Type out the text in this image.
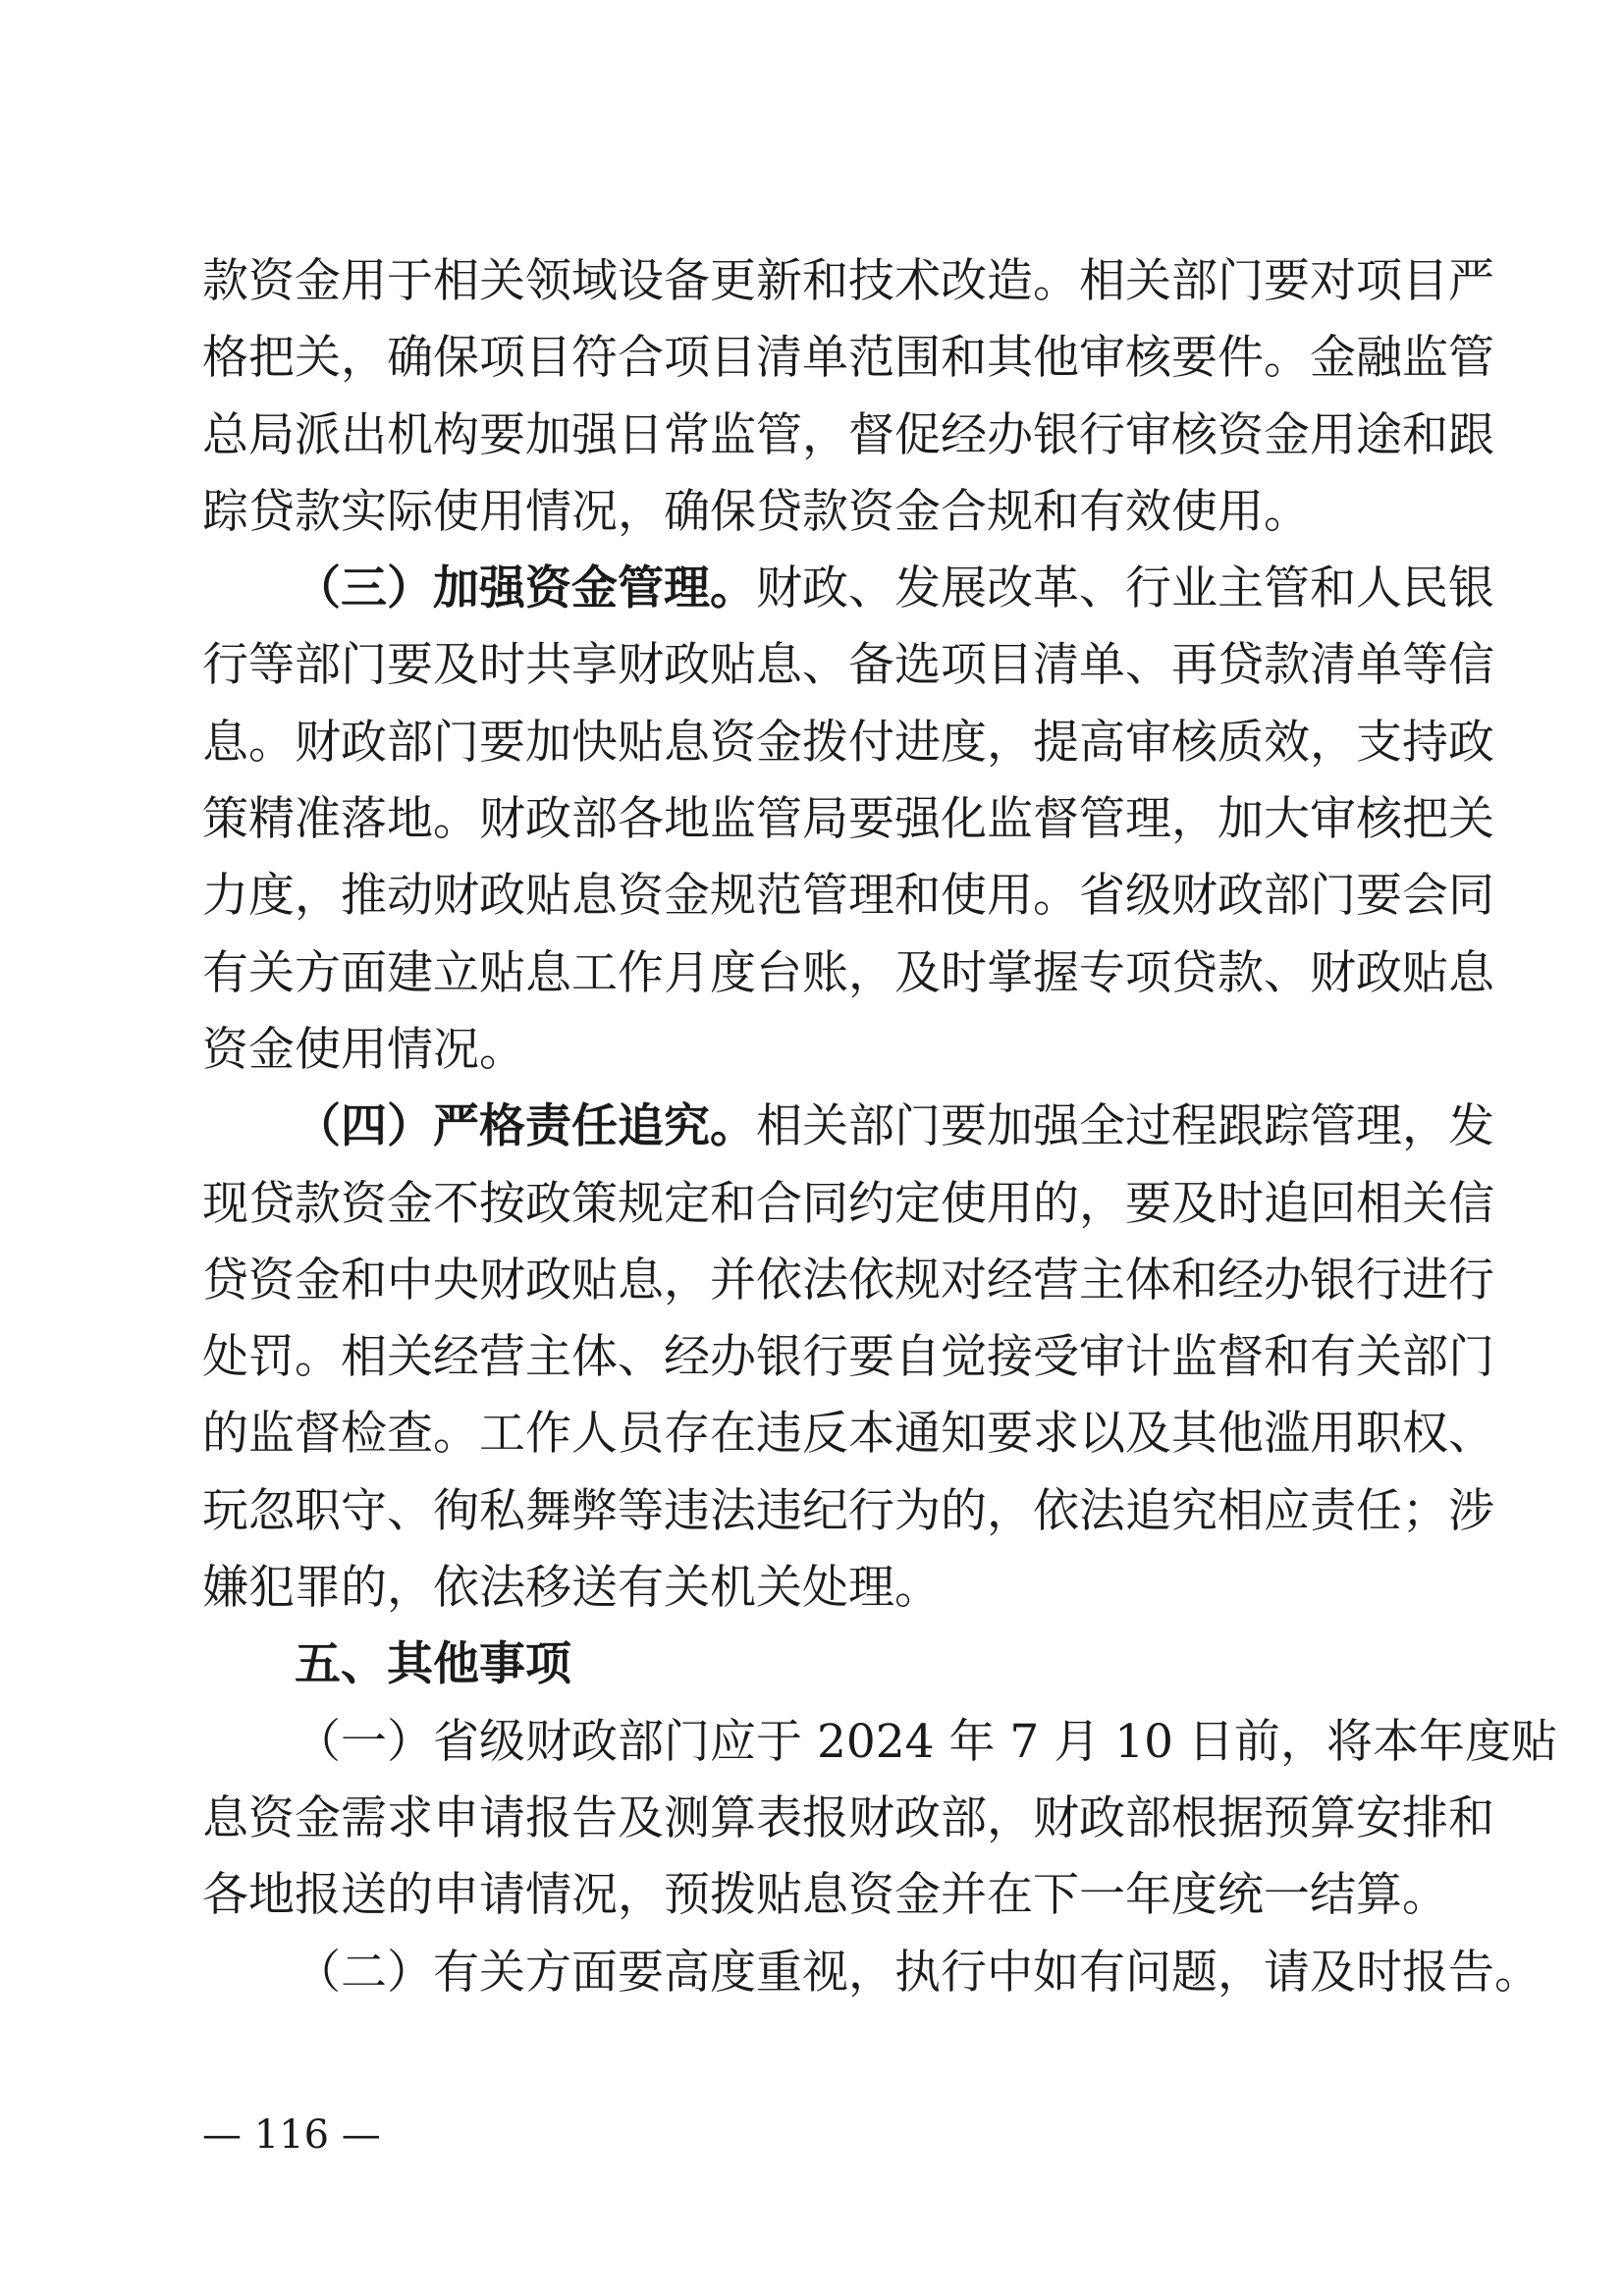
款资金用于相关领域设备更新和技术改造。相关部门要对项目严
格把关，确保项目符合项目清单范围和其他审核要件。金融监管
总局派出机构要加强日常监管，督促经办银行审核资金用途和跟
踪贷款实际使用情况，确保贷款资金合规和有效使用。
（三）加强资金管理。财政、发展改革、行业主管和人民银
行等部门要及时共享财政贴息、备选项目清单、再贷款清单等信
息。财政部门要加快贴息资金拨付进度，提高审核质效，支持政
策精准落地。财政部各地监管局要强化监督管理，加大审核把关
力度，推动财政贴息资金规范管理和使用。省级财政部门要会同
有关方面建立贴息工作月度台账，及时掌握专项贷款、财政贴息
资金使用情况。
（四）严格责任追究。相关部门要加强全过程跟踪管理，发
现贷款资金不按政策规定和合同约定使用的，要及时追回相关信
贷资金和中央财政贴息，并依法依规对经营主体和经办银行进行
处罚。相关经营主体、经办银行要自觉接受审计监督和有关部门
的监督检查。工作人员存在违反本通知要求以及其他滥用职权、
玩忽职守、徇私舞弊等违法违纪行为的，依法追究相应责任；涉
嫌犯罪的，依法移送有关机关处理。
五、其他事项
（一）省级财政部门应于 2024 年 7 月 10 日前，将本年度贴
息资金需求申请报告及测算表报财政部，财政部根据预算安排和
各地报送的申请情况，预拨贴息资金并在下一年度统一结算。
（二）有关方面要高度重视，执行中如有问题，请及时报告。
— 116 —
